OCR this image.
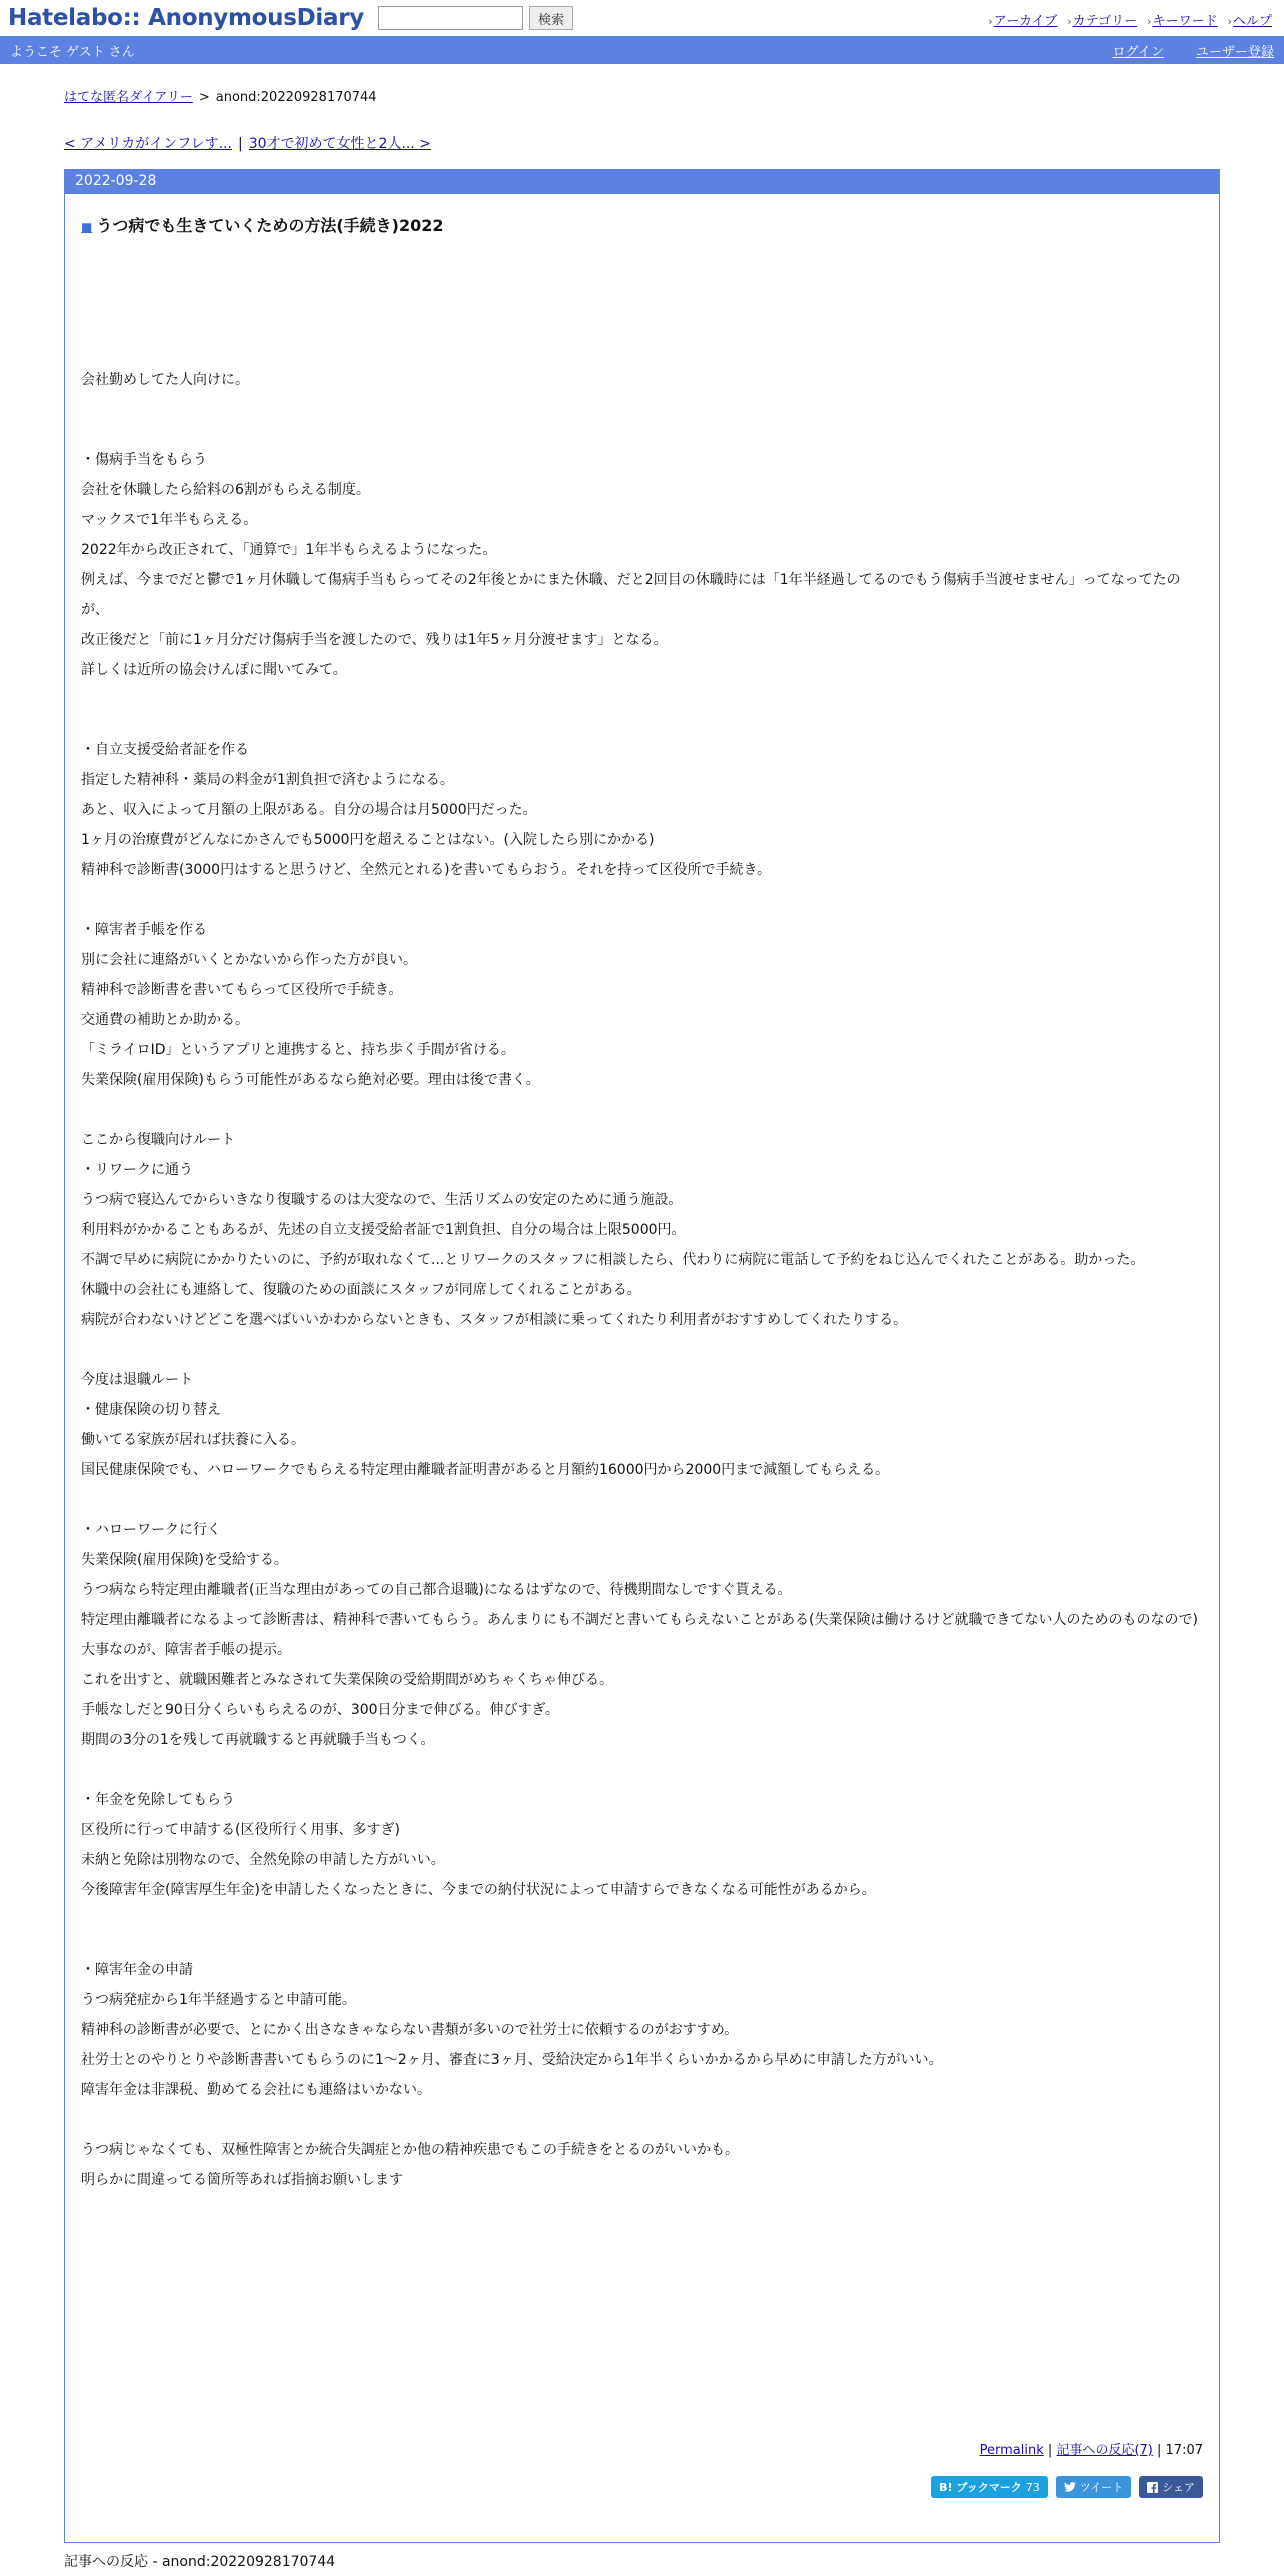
Hatelabo:: AnonymousDiary	検索	›アーカイブ ›カテゴリー ›キーワード ›ヘルプ
ようこそ ゲスト さん	ログイン ユーザー登録
はてな匿名ダイアリー > anond:20220928170744
< アメリカがインフレす... | 30才で初めて女性と2人... >
2022-09-28
■ うつ病でも生きていくための方法(手続き)2022

会社勤めしてた人向けに。

・傷病手当をもらう

会社を休職したら給料の6割がもらえる制度。

マックスで1年半もらえる。

2022年から改正されて、「通算で」1年半もらえるようになった。

例えば、今までだと鬱で1ヶ月休職して傷病手当もらってその2年後とかにまた休職、だと2回目の休職時には「1年半経過してるのでもう傷病手当渡せません」ってなってたのが、

改正後だと「前に1ヶ月分だけ傷病手当を渡したので、残りは1年5ヶ月分渡せます」となる。

詳しくは近所の協会けんぽに聞いてみて。

・自立支援受給者証を作る

指定した精神科・薬局の料金が1割負担で済むようになる。

あと、収入によって月額の上限がある。自分の場合は月5000円だった。

1ヶ月の治療費がどんなにかさんでも5000円を超えることはない。(入院したら別にかかる)

精神科で診断書(3000円はすると思うけど、全然元とれる)を書いてもらおう。それを持って区役所で手続き。

・障害者手帳を作る

別に会社に連絡がいくとかないから作った方が良い。

精神科で診断書を書いてもらって区役所で手続き。

交通費の補助とか助かる。

「ミライロID」というアプリと連携すると、持ち歩く手間が省ける。

失業保険(雇用保険)もらう可能性があるなら絶対必要。理由は後で書く。

ここから復職向けルート

・リワークに通う

うつ病で寝込んでからいきなり復職するのは大変なので、生活リズムの安定のために通う施設。

利用料がかかることもあるが、先述の自立支援受給者証で1割負担、自分の場合は上限5000円。

不調で早めに病院にかかりたいのに、予約が取れなくて...とリワークのスタッフに相談したら、代わりに病院に電話して予約をねじ込んでくれたことがある。助かった。

休職中の会社にも連絡して、復職のための面談にスタッフが同席してくれることがある。

病院が合わないけどどこを選べばいいかわからないときも、スタッフが相談に乗ってくれたり利用者がおすすめしてくれたりする。

今度は退職ルート

・健康保険の切り替え

働いてる家族が居れば扶養に入る。

国民健康保険でも、ハローワークでもらえる特定理由離職者証明書があると月額約16000円から2000円まで減額してもらえる。

・ハローワークに行く

失業保険(雇用保険)を受給する。

うつ病なら特定理由離職者(正当な理由があっての自己都合退職)になるはずなので、待機期間なしですぐ貰える。

特定理由離職者になるよって診断書は、精神科で書いてもらう。あんまりにも不調だと書いてもらえないことがある(失業保険は働けるけど就職できてない人のためのものなので)

大事なのが、障害者手帳の提示。

これを出すと、就職困難者とみなされて失業保険の受給期間がめちゃくちゃ伸びる。

手帳なしだと90日分くらいもらえるのが、300日分まで伸びる。伸びすぎ。

期間の3分の1を残して再就職すると再就職手当もつく。

・年金を免除してもらう

区役所に行って申請する(区役所行く用事、多すぎ)

未納と免除は別物なので、全然免除の申請した方がいい。

今後障害年金(障害厚生年金)を申請したくなったときに、今までの納付状況によって申請すらできなくなる可能性があるから。

・障害年金の申請

うつ病発症から1年半経過すると申請可能。

精神科の診断書が必要で、とにかく出さなきゃならない書類が多いので社労士に依頼するのがおすすめ。

社労士とのやりとりや診断書書いてもらうのに1〜2ヶ月、審査に3ヶ月、受給決定から1年半くらいかかるから早めに申請した方がいい。

障害年金は非課税、勤めてる会社にも連絡はいかない。

うつ病じゃなくても、双極性障害とか統合失調症とか他の精神疾患でもこの手続きをとるのがいいかも。

明らかに間違ってる箇所等あれば指摘お願いします

Permalink | 記事への反応(7) | 17:07
B! ブックマーク 73	ツイート	シェア
記事への反応 - anond:20220928170744
